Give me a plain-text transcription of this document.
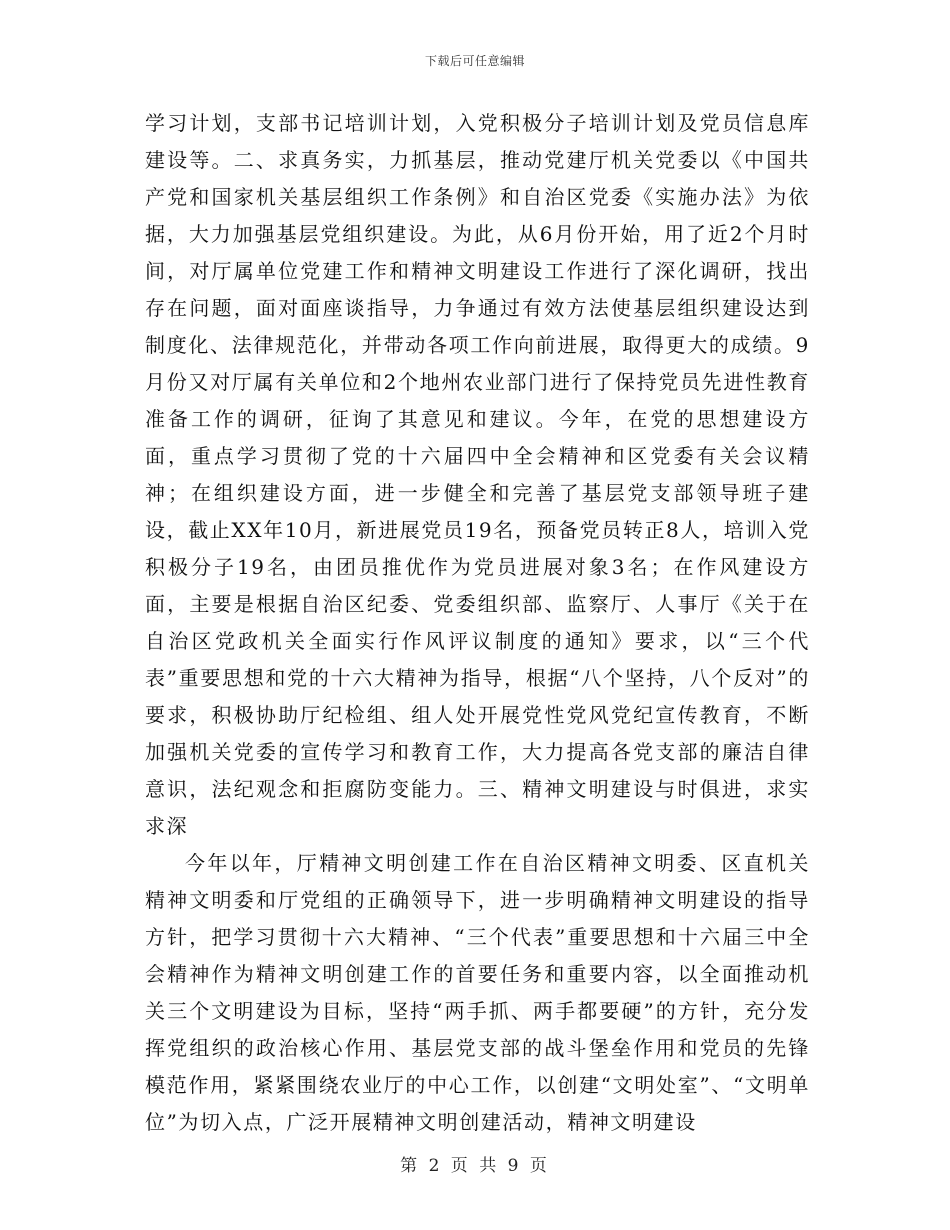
下载后可任意编辑

学习计划，支部书记培训计划，入党积极分子培训计划及党员信息库建设等。二、求真务实，力抓基层，推动党建厅机关党委以《中国共产党和国家机关基层组织工作条例》和自治区党委《实施办法》为依据，大力加强基层党组织建设。为此，从6月份开始，用了近2个月时间，对厅属单位党建工作和精神文明建设工作进行了深化调研，找出存在问题，面对面座谈指导，力争通过有效方法使基层组织建设达到制度化、法律规范化，并带动各项工作向前进展，取得更大的成绩。9月份又对厅属有关单位和2个地州农业部门进行了保持党员先进性教育准备工作的调研，征询了其意见和建议。今年，在党的思想建设方面，重点学习贯彻了党的十六届四中全会精神和区党委有关会议精神；在组织建设方面，进一步健全和完善了基层党支部领导班子建设，截止XX年10月，新进展党员19名，预备党员转正8人，培训入党积极分子19名，由团员推优作为党员进展对象3名；在作风建设方面，主要是根据自治区纪委、党委组织部、监察厅、人事厅《关于在自治区党政机关全面实行作风评议制度的通知》要求，以“三个代表”重要思想和党的十六大精神为指导，根据“八个坚持，八个反对”的要求，积极协助厅纪检组、组人处开展党性党风党纪宣传教育，不断加强机关党委的宣传学习和教育工作，大力提高各党支部的廉洁自律意识，法纪观念和拒腐防变能力。三、精神文明建设与时俱进，求实求深

今年以年，厅精神文明创建工作在自治区精神文明委、区直机关精神文明委和厅党组的正确领导下，进一步明确精神文明建设的指导方针，把学习贯彻十六大精神、“三个代表”重要思想和十六届三中全会精神作为精神文明创建工作的首要任务和重要内容，以全面推动机关三个文明建设为目标，坚持“两手抓、两手都要硬”的方针，充分发挥党组织的政治核心作用、基层党支部的战斗堡垒作用和党员的先锋模范作用，紧紧围绕农业厅的中心工作，以创建“文明处室”、“文明单位”为切入点，广泛开展精神文明创建活动，精神文明建设

第 2 页 共 9 页
